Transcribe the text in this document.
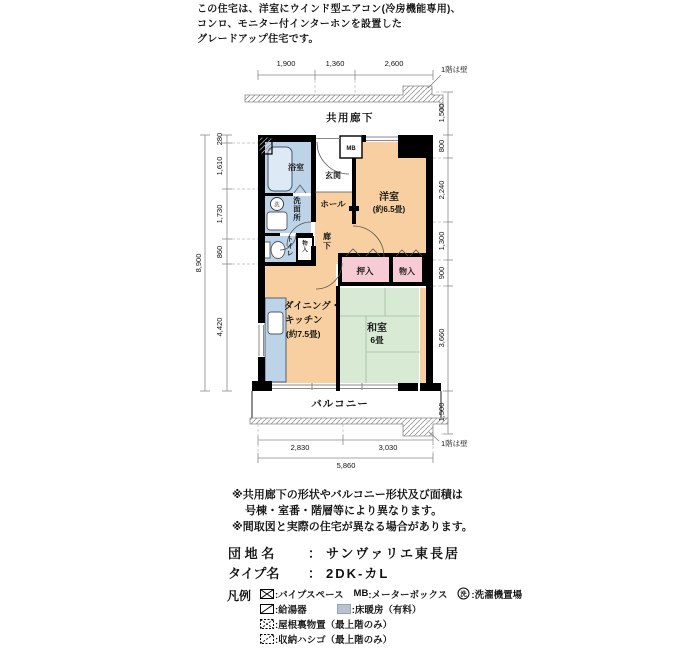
この住宅は、洋室にウインド型エアコン(冷房機能専用)、
コンロ、モニター付インターホンを設置した
グレードアップ住宅です。
共用廊下
洗
バルコニー
浴室
玄関
MB
洋室
(約6.5畳)
洗面所
トイレ
物入
ホール
廊下
押入	物入
ダイニング・
キッチン
(約7.5畳)	和室
6畳
1,900	1,360	2,600
8,900
280
1,610
1,730
860
4,420
1,500
800
2,240
1,300
900
3,660
1,500
2,830	3,030
5,860
1階は壁
1階は壁
※共用廊下の形状やバルコニー形状及び面積は
号棟・室番・階層等により異なります。
※間取図と実際の住宅が異なる場合があります。
団 地 名	： サンヴァリエ東長居
タイプ名	： 2DK-カL
凡例	:パイプスペース MB :メーターボックス 洗 :洗濯機置場
:給湯器	:床暖房（有料）
:屋根裏物置（最上階のみ）
:収納ハシゴ（最上階のみ）
